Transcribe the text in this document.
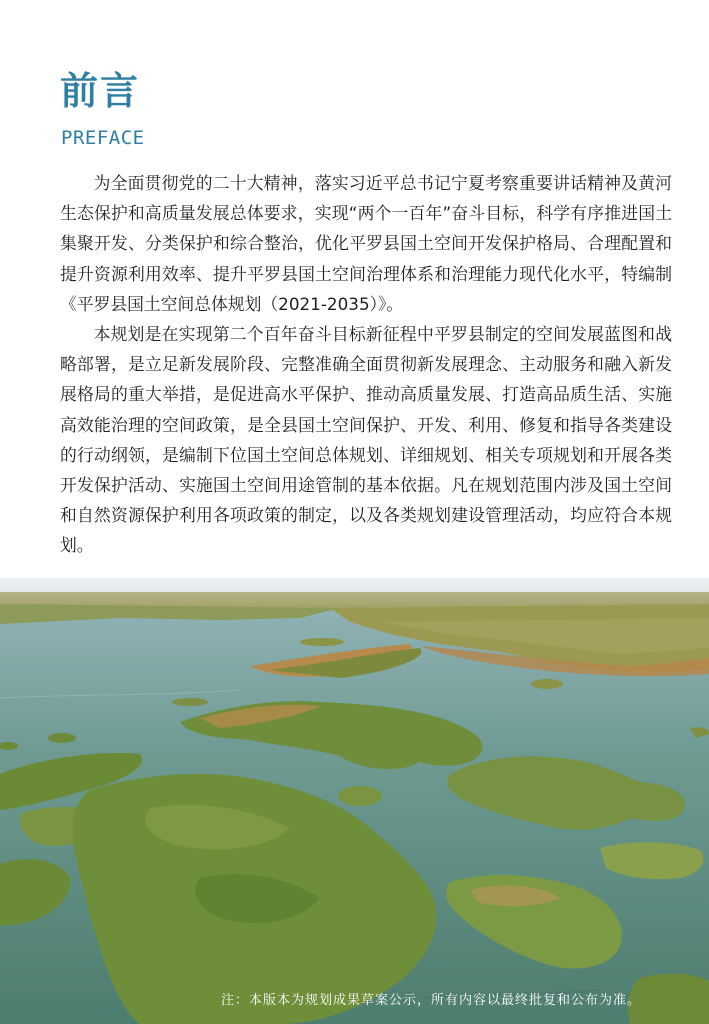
前言
PREFACE

为全面贯彻党的二十大精神，落实习近平总书记宁夏考察重要讲话精神及黄河生态保护和高质量发展总体要求，实现“两个一百年”奋斗目标，科学有序推进国土集聚开发、分类保护和综合整治，优化平罗县国土空间开发保护格局、合理配置和提升资源利用效率、提升平罗县国土空间治理体系和治理能力现代化水平，特编制《平罗县国土空间总体规划（2021-2035）》。

本规划是在实现第二个百年奋斗目标新征程中平罗县制定的空间发展蓝图和战略部署，是立足新发展阶段、完整准确全面贯彻新发展理念、主动服务和融入新发展格局的重大举措，是促进高水平保护、推动高质量发展、打造高品质生活、实施高效能治理的空间政策，是全县国土空间保护、开发、利用、修复和指导各类建设的行动纲领，是编制下位国土空间总体规划、详细规划、相关专项规划和开展各类开发保护活动、实施国土空间用途管制的基本依据。凡在规划范围内涉及国土空间和自然资源保护利用各项政策的制定，以及各类规划建设管理活动，均应符合本规划。

注：本版本为规划成果草案公示，所有内容以最终批复和公布为准。
